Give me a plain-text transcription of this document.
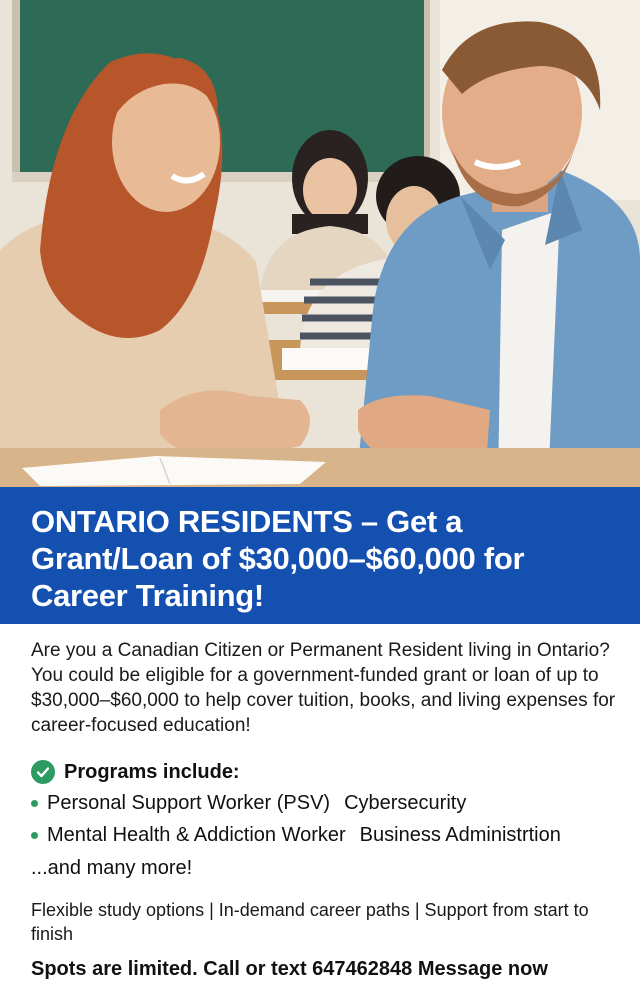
ONTARIO RESIDENTS – Get a Grant/Loan of $30,000–$60,000 for Career Training!

Are you a Canadian Citizen or Permanent Resident living in Ontario? You could be eligible for a government-funded grant or loan of up to $30,000–$60,000 to help cover tuition, books, and living expenses for career-focused education!

Programs include:
Personal Support Worker (PSV) Cybersecurity
Mental Health & Addiction Worker Business Administrtion

...and many more!

Flexible study options | In-demand career paths | Support from start to finish

Spots are limited. Call or text 647462848 Message now
